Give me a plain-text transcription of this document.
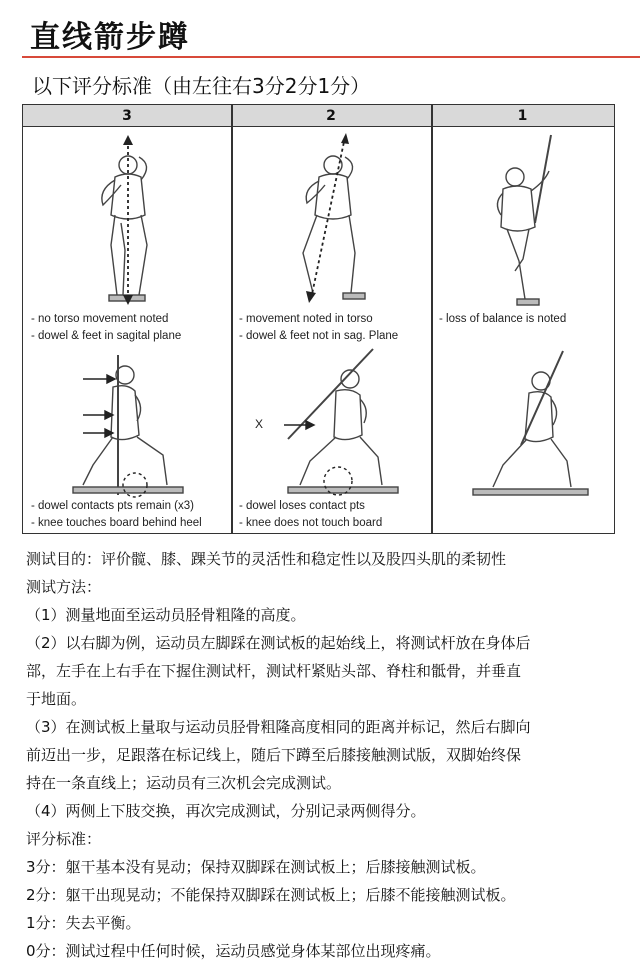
直线箭步蹲
以下评分标准（由左往右3分2分1分）
3	2	1
- no torso movement noted
- dowel & feet in sagital plane
- movement noted in torso
- dowel & feet not in sag. Plane
- loss of balance is noted
- dowel contacts pts remain (x3)
- knee touches board behind heel
X
- dowel loses contact pts
- knee does not touch board
测试目的：评价髋、膝、踝关节的灵活性和稳定性以及股四头肌的柔韧性
测试方法：
（1）测量地面至运动员胫骨粗隆的高度。
（2）以右脚为例，运动员左脚踩在测试板的起始线上，将测试杆放在身体后
部，左手在上右手在下握住测试杆，测试杆紧贴头部、脊柱和骶骨，并垂直
于地面。
（3）在测试板上量取与运动员胫骨粗隆高度相同的距离并标记，然后右脚向
前迈出一步，足跟落在标记线上，随后下蹲至后膝接触测试版，双脚始终保
持在一条直线上；运动员有三次机会完成测试。
（4）两侧上下肢交换，再次完成测试，分别记录两侧得分。
评分标准：
3分：躯干基本没有晃动；保持双脚踩在测试板上；后膝接触测试板。
2分：躯干出现晃动；不能保持双脚踩在测试板上；后膝不能接触测试板。
1分：失去平衡。
0分：测试过程中任何时候，运动员感觉身体某部位出现疼痛。
